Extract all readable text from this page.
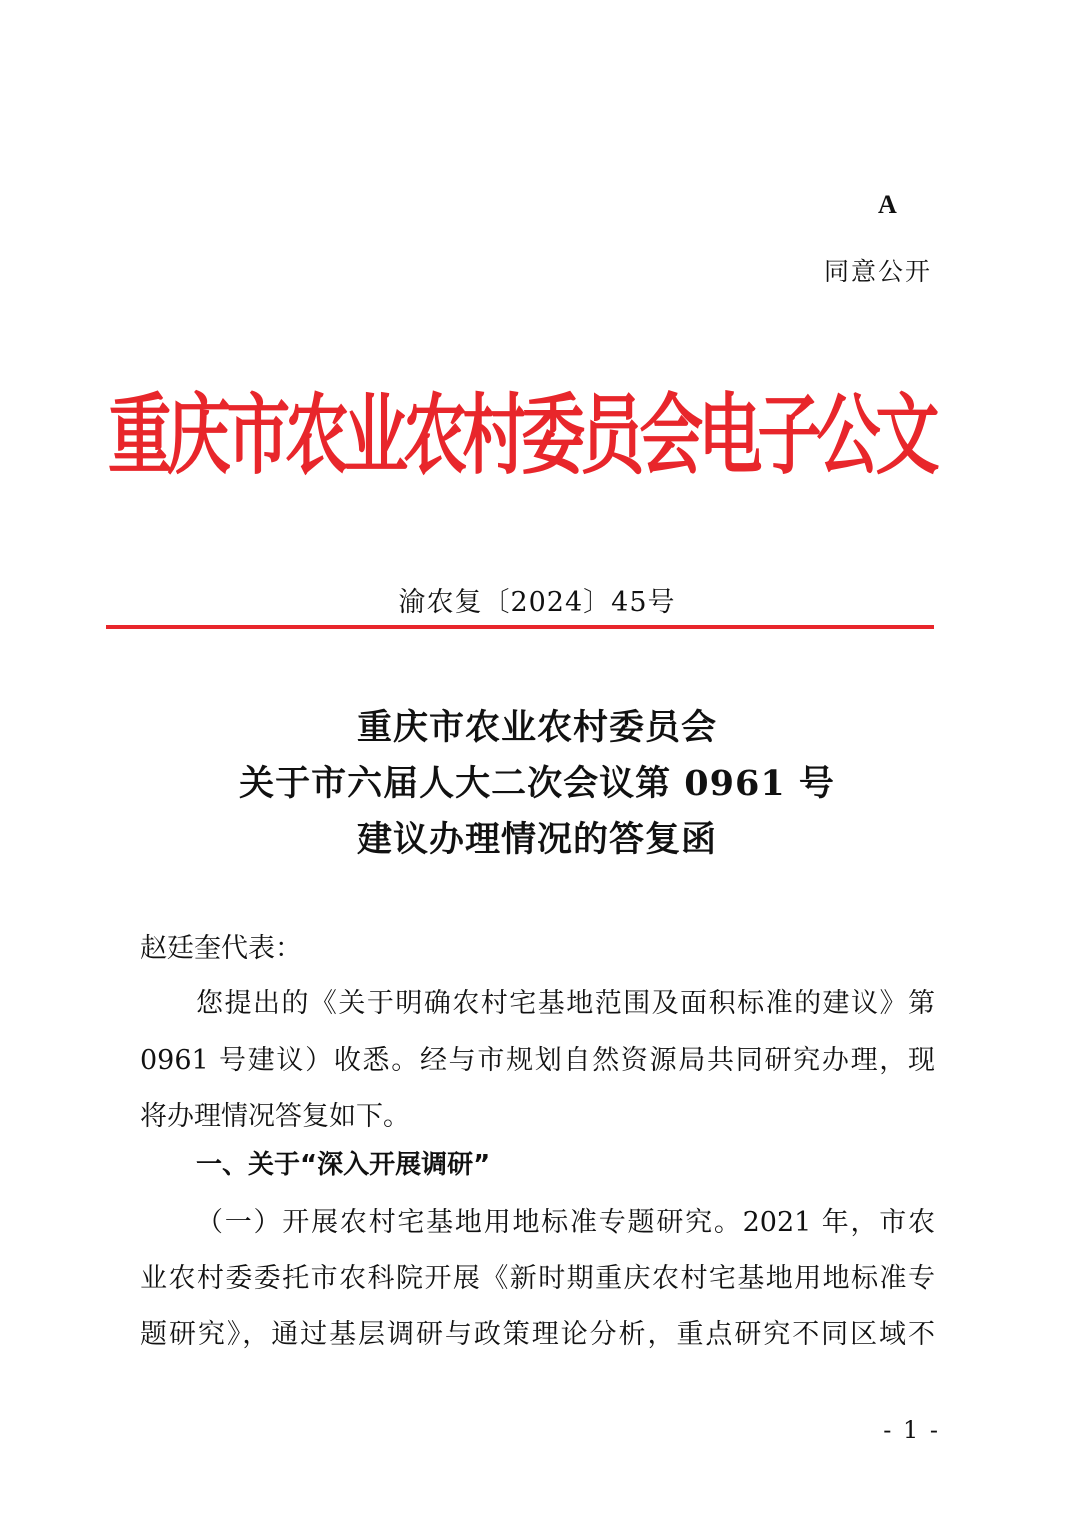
A
同意公开
重庆市农业农村委员会电子公文
渝农复〔2024〕45号
重庆市农业农村委员会
关于市六届人大二次会议第 0961 号
建议办理情况的答复函
赵廷奎代表：
您提出的《关于明确农村宅基地范围及面积标准的建议》第
0961 号建议）收悉。经与市规划自然资源局共同研究办理，现
将办理情况答复如下。
一、关于“深入开展调研”
（一）开展农村宅基地用地标准专题研究。2021 年，市农
业农村委委托市农科院开展《新时期重庆农村宅基地用地标准专
题研究》，通过基层调研与政策理论分析，重点研究不同区域不
- 1 -
